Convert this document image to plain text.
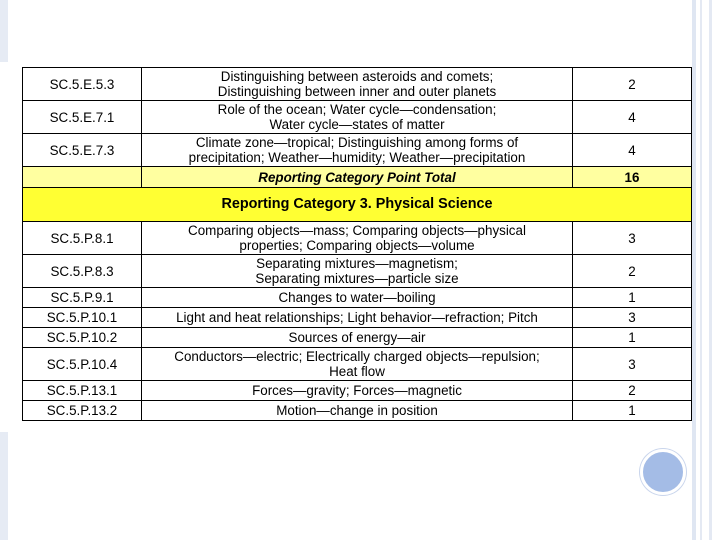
SC.5.E.5.3	Distinguishing between asteroids and comets;
Distinguishing between inner and outer planets	2
SC.5.E.7.1	Role of the ocean; Water cycle—condensation;
Water cycle—states of matter	4
SC.5.E.7.3	Climate zone—tropical; Distinguishing among forms of
precipitation; Weather—humidity; Weather—precipitation	4
	Reporting Category Point Total	16
Reporting Category 3. Physical Science		
SC.5.P.8.1	Comparing objects—mass; Comparing objects—physical
properties; Comparing objects—volume	3
SC.5.P.8.3	Separating mixtures—magnetism;
Separating mixtures—particle size	2
SC.5.P.9.1	Changes to water—boiling	1
SC.5.P.10.1	Light and heat relationships; Light behavior—refraction; Pitch	3
SC.5.P.10.2	Sources of energy—air	1
SC.5.P.10.4	Conductors—electric; Electrically charged objects—repulsion;
Heat flow	3
SC.5.P.13.1	Forces—gravity; Forces—magnetic	2
SC.5.P.13.2	Motion—change in position	1
